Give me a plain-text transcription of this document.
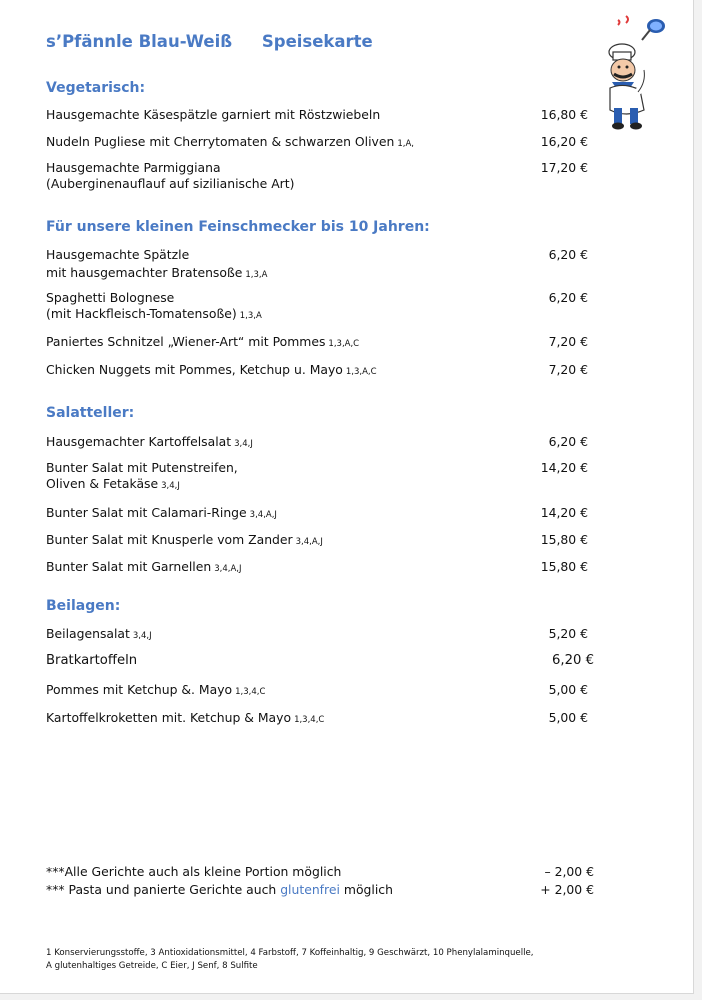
s’Pfännle Blau-Weiß Speisekarte
Vegetarisch:
Hausgemachte Käsespätzle garniert mit Röstzwiebeln	16,80 €
Nudeln Pugliese mit Cherrytomaten & schwarzen Oliven 1,A,	16,20 €
Hausgemachte Parmiggiana
(Auberginenauflauf auf sizilianische Art)
17,20 €
Für unsere kleinen Feinschmecker bis 10 Jahren:
Hausgemachte Spätzle
mit hausgemachter Bratensoße 1,3,A
6,20 €
Spaghetti Bolognese
(mit Hackfleisch-Tomatensoße) 1,3,A
6,20 €
Paniertes Schnitzel „Wiener-Art“ mit Pommes 1,3,A,C	7,20 €
Chicken Nuggets mit Pommes, Ketchup u. Mayo 1,3,A,C	7,20 €
Salatteller:
Hausgemachter Kartoffelsalat 3,4,J	6,20 €
Bunter Salat mit Putenstreifen,
Oliven & Fetakäse 3,4,J
14,20 €
Bunter Salat mit Calamari-Ringe 3,4,A,J	14,20 €
Bunter Salat mit Knusperle vom Zander 3,4,A,J	15,80 €
Bunter Salat mit Garnellen 3,4,A,J	15,80 €
Beilagen:
Beilagensalat 3,4,J	5,20 €
Bratkartoffeln	6,20 €
Pommes mit Ketchup &. Mayo 1,3,4,C	5,00 €
Kartoffelkroketten mit. Ketchup & Mayo 1,3,4,C	5,00 €
***Alle Gerichte auch als kleine Portion möglich	– 2,00 €
*** Pasta und panierte Gerichte auch glutenfrei möglich	+ 2,00 €
1 Konservierungsstoffe, 3 Antioxidationsmittel, 4 Farbstoff, 7 Koffeinhaltig, 9 Geschwärzt, 10 Phenylalaminquelle,
A glutenhaltiges Getreide, C Eier, J Senf, 8 Sulfite
